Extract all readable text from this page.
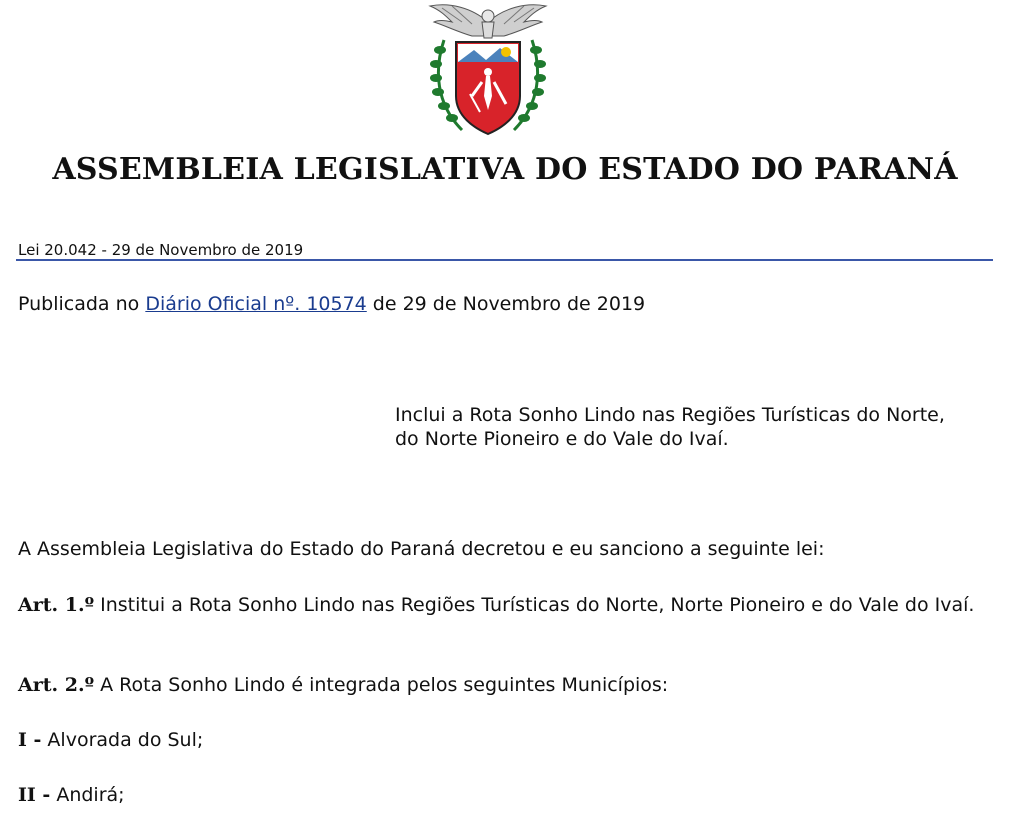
ASSEMBLEIA LEGISLATIVA DO ESTADO DO PARANÁ
Lei 20.042 - 29 de Novembro de 2019
Publicada no Diário Oficial nº. 10574 de 29 de Novembro de 2019
Inclui a Rota Sonho Lindo nas Regiões Turísticas do Norte,
do Norte Pioneiro e do Vale do Ivaí.
A Assembleia Legislativa do Estado do Paraná decretou e eu sanciono a seguinte lei:
Art. 1.º Institui a Rota Sonho Lindo nas Regiões Turísticas do Norte, Norte Pioneiro e do Vale do Ivaí.
Art. 2.º A Rota Sonho Lindo é integrada pelos seguintes Municípios:
I - Alvorada do Sul;
II - Andirá;
